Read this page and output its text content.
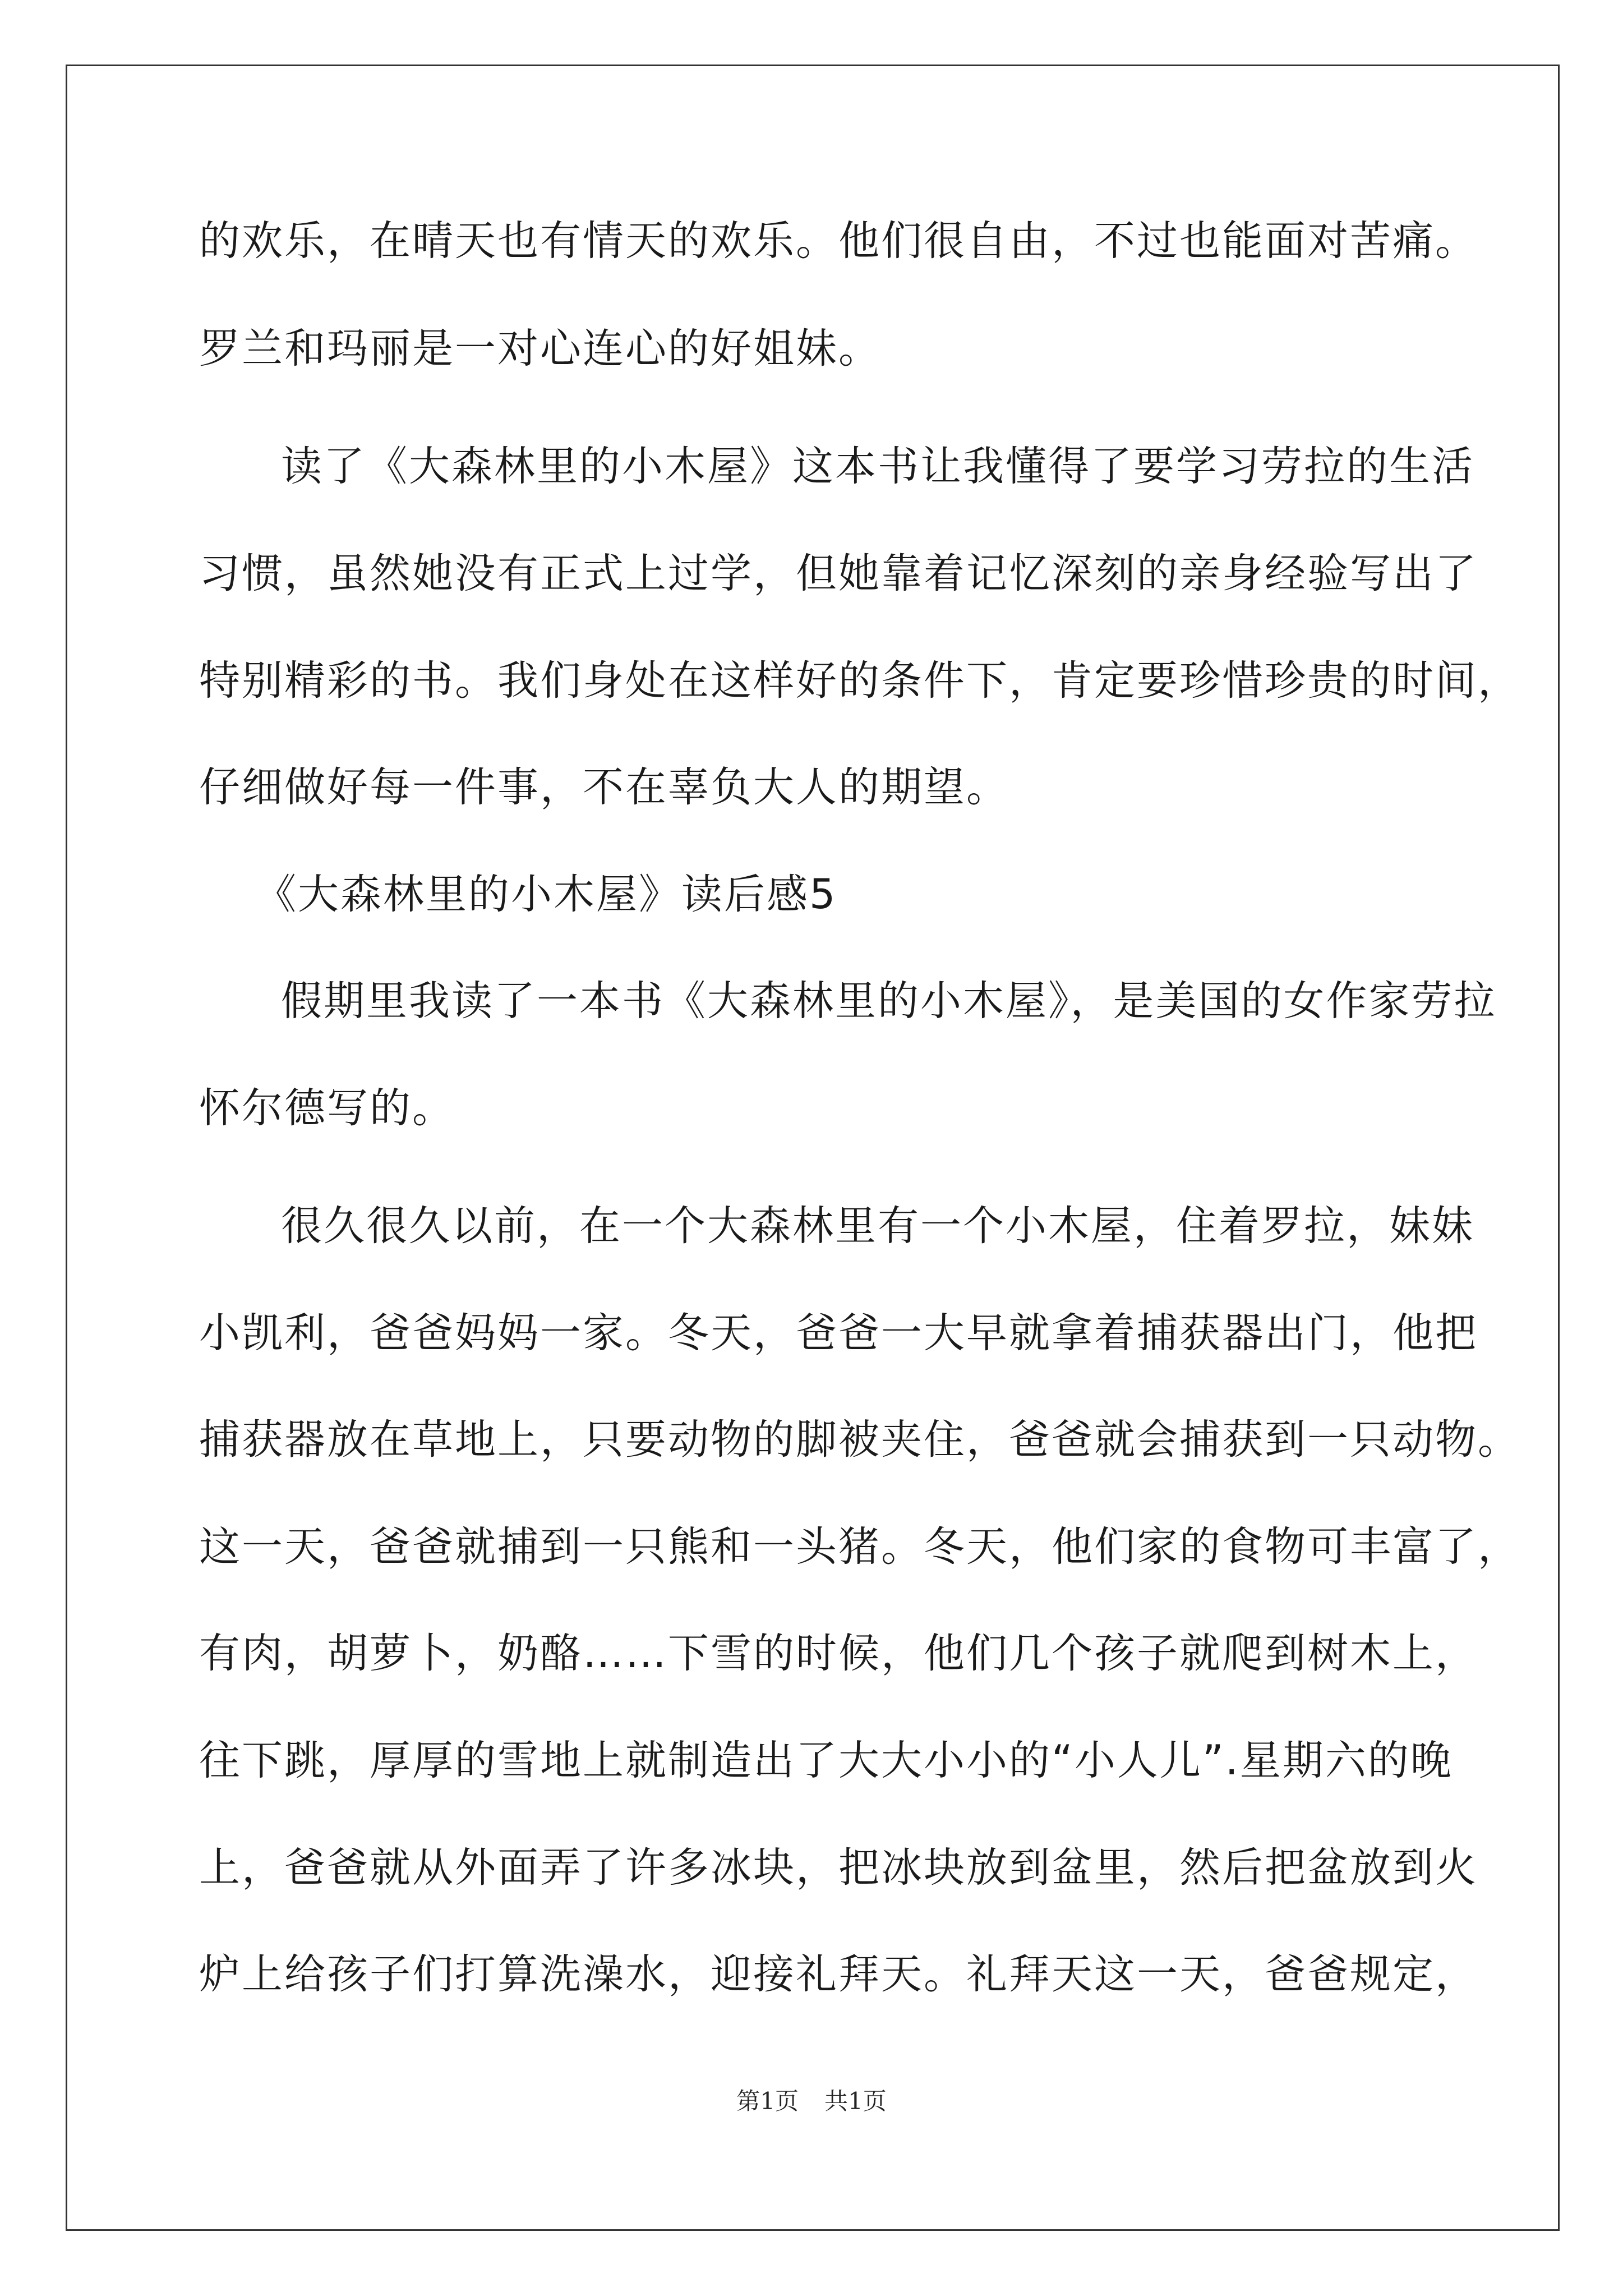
的欢乐，在晴天也有情天的欢乐。他们很自由，不过也能面对苦痛。
罗兰和玛丽是一对心连心的好姐妹。
读了《大森林里的小木屋》这本书让我懂得了要学习劳拉的生活
习惯，虽然她没有正式上过学，但她靠着记忆深刻的亲身经验写出了
特别精彩的书。我们身处在这样好的条件下，肯定要珍惜珍贵的时间，
仔细做好每一件事，不在辜负大人的期望。
《大森林里的小木屋》读后感5
假期里我读了一本书《大森林里的小木屋》，是美国的女作家劳拉
怀尔德写的。
很久很久以前，在一个大森林里有一个小木屋，住着罗拉，妹妹
小凯利，爸爸妈妈一家。冬天，爸爸一大早就拿着捕获器出门，他把
捕获器放在草地上，只要动物的脚被夹住，爸爸就会捕获到一只动物。
这一天，爸爸就捕到一只熊和一头猪。冬天，他们家的食物可丰富了，
有肉，胡萝卜，奶酪……下雪的时候，他们几个孩子就爬到树木上，
往下跳，厚厚的雪地上就制造出了大大小小的“小人儿”.星期六的晚
上，爸爸就从外面弄了许多冰块，把冰块放到盆里，然后把盆放到火
炉上给孩子们打算洗澡水，迎接礼拜天。礼拜天这一天，爸爸规定，
第1页 共1页
